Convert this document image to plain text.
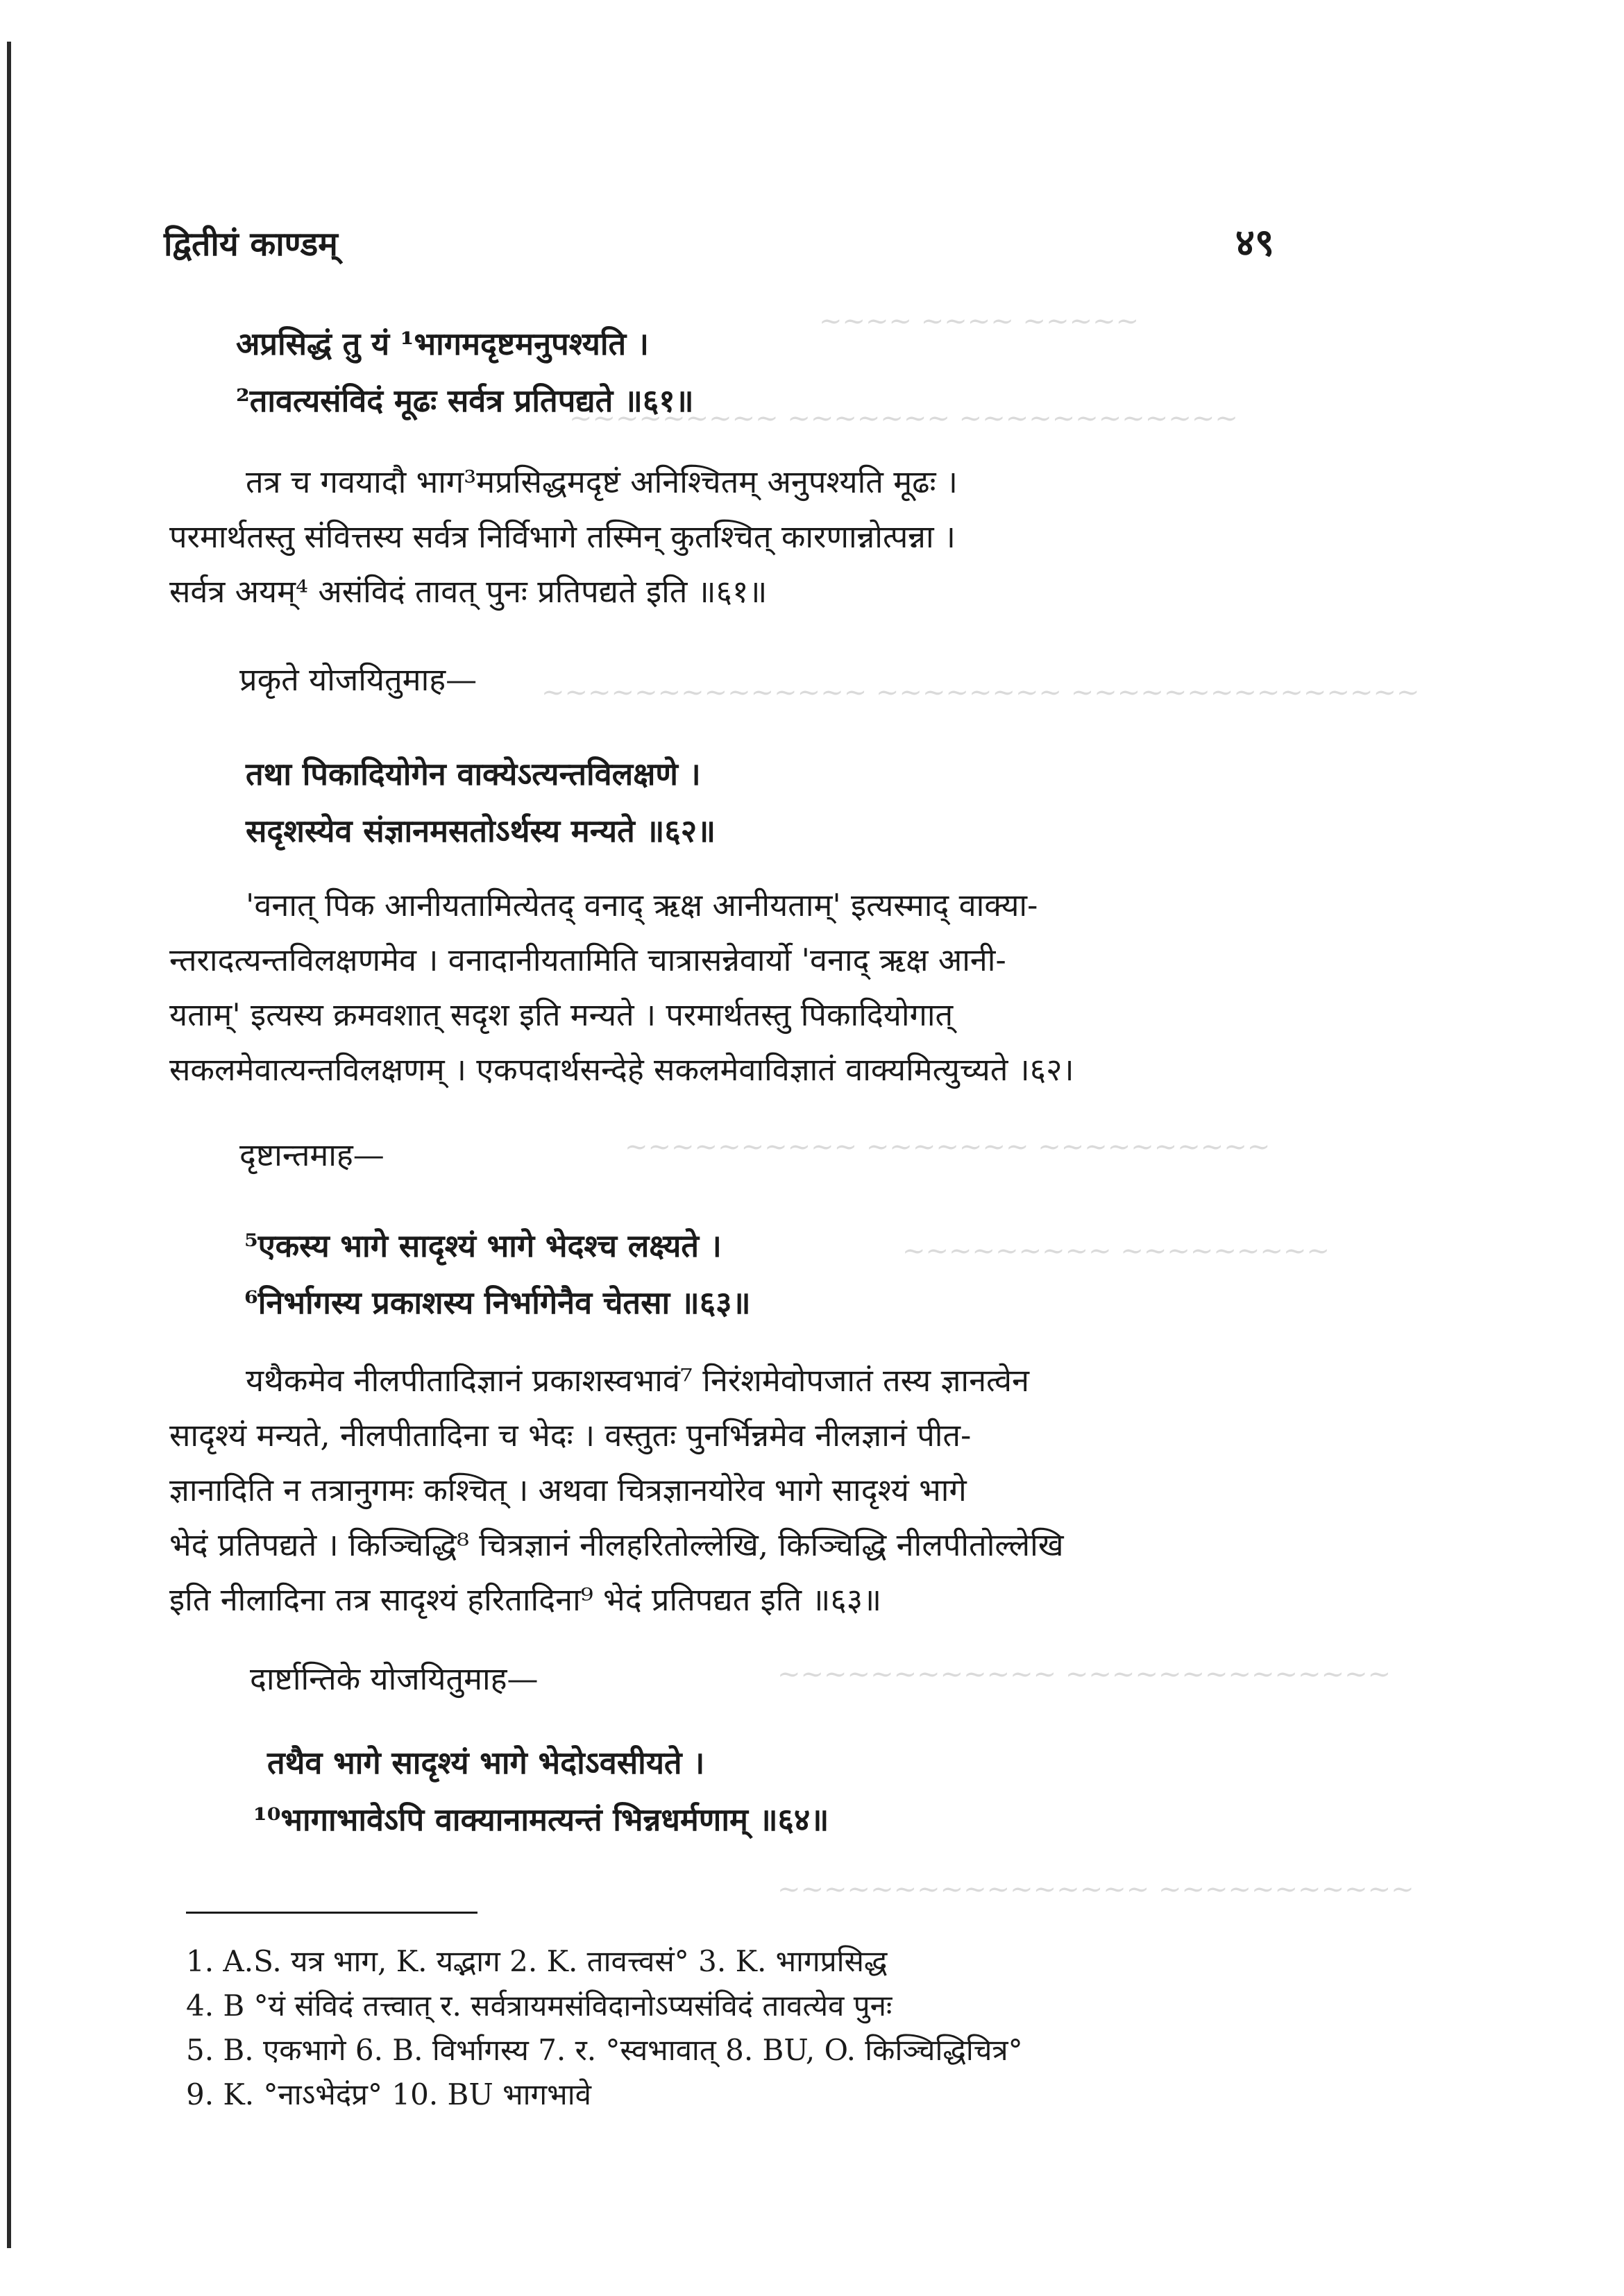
~~~~ ~~~~ ~~~~~
~~~~~~~~~ ~~~~~~~ ~~~~~~~~~~~~
~~~~~~~~~~~~~~ ~~~~~~~~ ~~~~~~~~~~~~~~~
~~~~~~~~~~ ~~~~~~~ ~~~~~~~~~~
~~~~~~~~~ ~~~~~~~~~
~~~~~~~~~~~~ ~~~~~~~~~~~~~~
~~~~~~~~~~~~~~~~ ~~~~~~~~~~~
द्वितीयं काण्डम्	४९
अप्रसिद्धं तु यं ¹भागमदृष्टमनुपश्यति ।
²तावत्यसंविदं मूढः सर्वत्र प्रतिपद्यते ॥६१॥
तत्र च गवयादौ भाग³मप्रसिद्धमदृष्टं अनिश्चितम् अनुपश्यति मूढः ।
परमार्थतस्तु संवित्तस्य सर्वत्र निर्विभागे तस्मिन् कुतश्चित् कारणान्नोत्पन्ना ।
सर्वत्र अयम्⁴ असंविदं तावत् पुनः प्रतिपद्यते इति ॥६१॥
प्रकृते योजयितुमाह—
तथा पिकादियोगेन वाक्येऽत्यन्तविलक्षणे ।
सदृशस्येव संज्ञानमसतोऽर्थस्य मन्यते ॥६२॥
'वनात् पिक आनीयतामित्येतद् वनाद् ऋक्ष आनीयताम्' इत्यस्माद् वाक्या-
न्तरादत्यन्तविलक्षणमेव । वनादानीयतामिति चात्रासन्नेवार्यो 'वनाद् ऋक्ष आनी-
यताम्' इत्यस्य क्रमवशात् सदृश इति मन्यते । परमार्थतस्तु पिकादियोगात्
सकलमेवात्यन्तविलक्षणम् । एकपदार्थसन्देहे सकलमेवाविज्ञातं वाक्यमित्युच्यते ।६२।
दृष्टान्तमाह—
⁵एकस्य भागे सादृश्यं भागे भेदश्च लक्ष्यते ।
⁶निर्भागस्य प्रकाशस्य निर्भागेनैव चेतसा ॥६३॥
यथैकमेव नीलपीतादिज्ञानं प्रकाशस्वभावं⁷ निरंशमेवोपजातं तस्य ज्ञानत्वेन
सादृश्यं मन्यते, नीलपीतादिना च भेदः । वस्तुतः पुनर्भिन्नमेव नीलज्ञानं पीत-
ज्ञानादिति न तत्रानुगमः कश्चित् । अथवा चित्रज्ञानयोरेव भागे सादृश्यं भागे
भेदं प्रतिपद्यते । किञ्चिद्धि⁸ चित्रज्ञानं नीलहरितोल्लेखि, किञ्चिद्धि नीलपीतोल्लेखि
इति नीलादिना तत्र सादृश्यं हरितादिना⁹ भेदं प्रतिपद्यत इति ॥६३॥
दार्ष्टान्तिके योजयितुमाह—
तथैव भागे सादृश्यं भागे भेदोऽवसीयते ।
¹⁰भागाभावेऽपि वाक्यानामत्यन्तं भिन्नधर्मणाम् ॥६४॥
1. A.S. यत्र भाग, K. यद्भाग 2. K. तावत्त्वसं° 3. K. भागप्रसिद्ध
4. B °यं संविदं तत्त्वात् र. सर्वत्रायमसंविदानोऽप्यसंविदं तावत्येव पुनः
5. B. एकभागे 6. B. विर्भागस्य 7. र. °स्वभावात् 8. BU, O. किञ्चिद्धिचित्र°
9. K. °नाऽभेदंप्र° 10. BU भागभावे
